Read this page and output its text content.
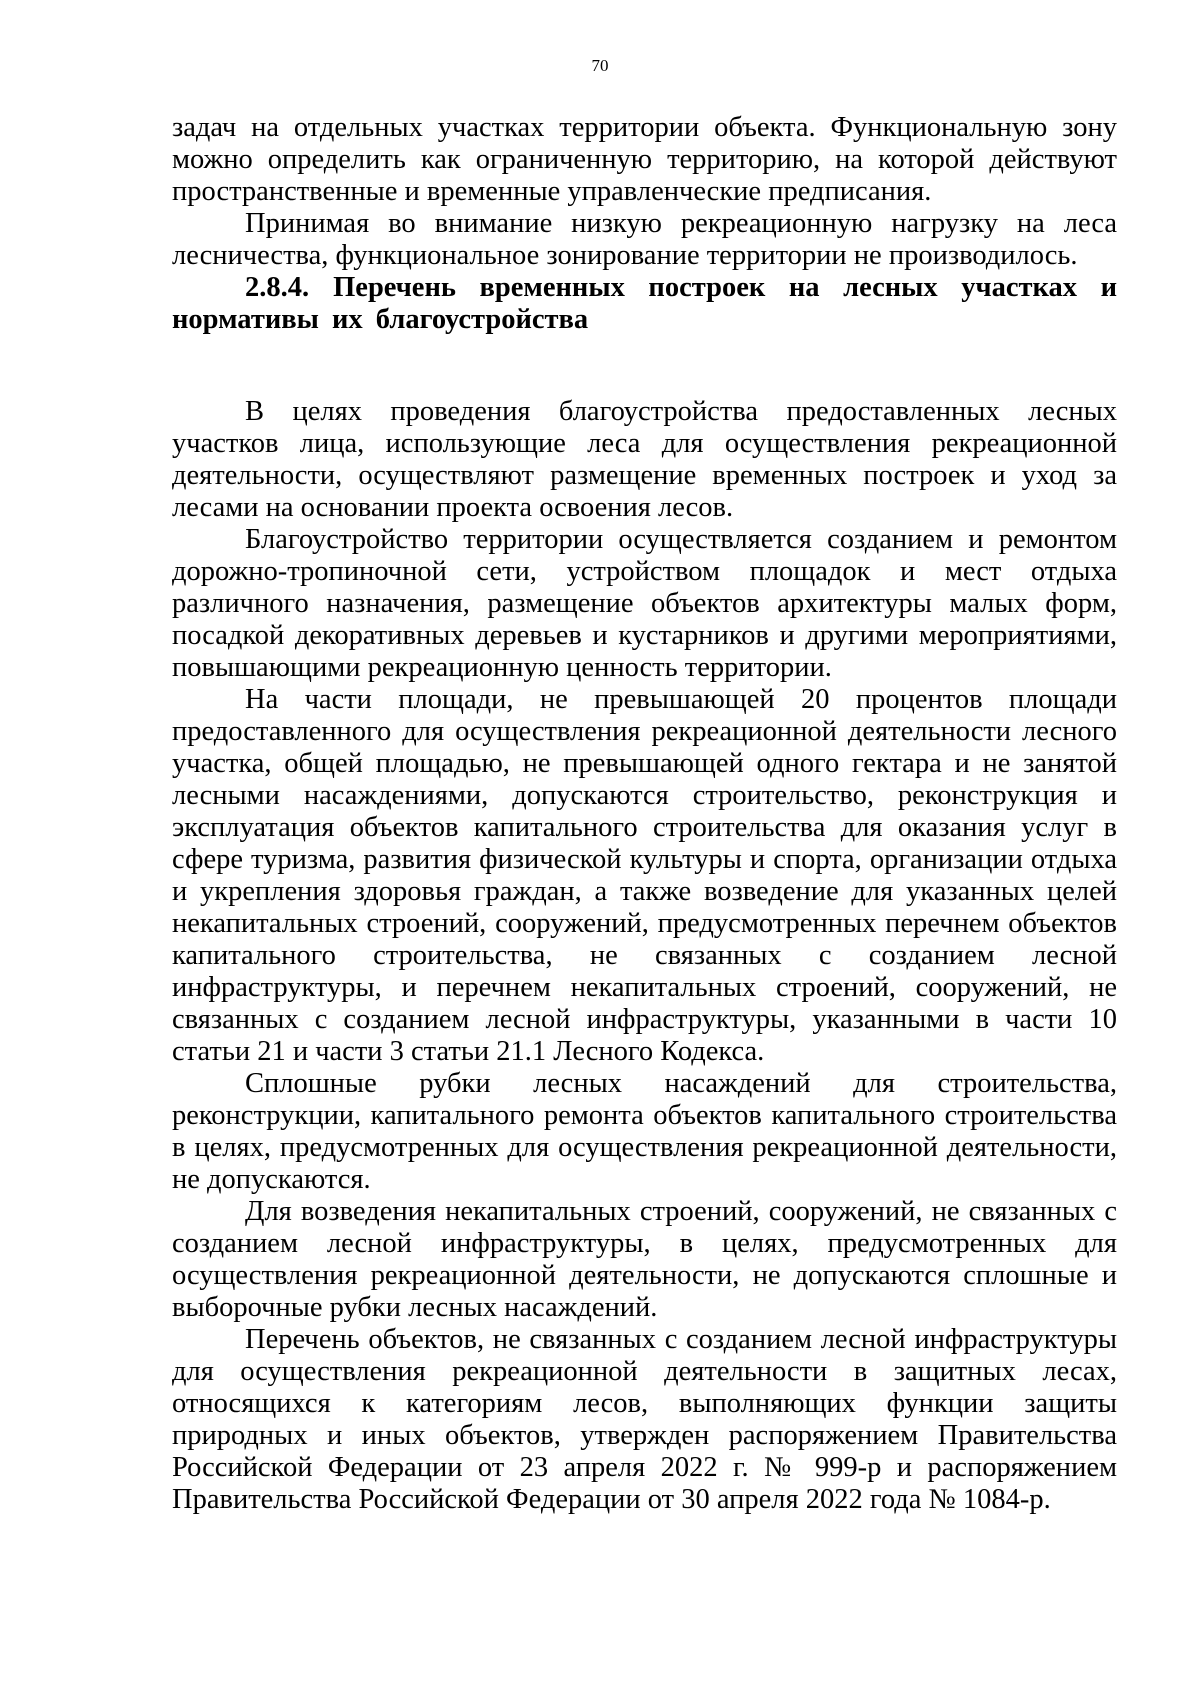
70

задач на отдельных участках территории объекта. Функциональную зону можно определить как ограниченную территорию, на которой действуют пространственные и временные управленческие предписания.

Принимая во внимание низкую рекреационную нагрузку на леса лесничества, функциональное зонирование территории не производилось.

2.8.4. Перечень временных построек на лесных участках и нормативы их благоустройства

В целях проведения благоустройства предоставленных лесных участков лица, использующие леса для осуществления рекреационной деятельности, осуществляют размещение временных построек и уход за лесами на основании проекта освоения лесов.

Благоустройство территории осуществляется созданием и ремонтом дорожно-тропиночной сети, устройством площадок и мест отдыха различного назначения, размещение объектов архитектуры малых форм, посадкой декоративных деревьев и кустарников и другими мероприятиями, повышающими рекреационную ценность территории.

На части площади, не превышающей 20 процентов площади предоставленного для осуществления рекреационной деятельности лесного участка, общей площадью, не превышающей одного гектара и не занятой лесными насаждениями, допускаются строительство, реконструкция и эксплуатация объектов капитального строительства для оказания услуг в сфере туризма, развития физической культуры и спорта, организации отдыха и укрепления здоровья граждан, а также возведение для указанных целей некапитальных строений, сооружений, предусмотренных перечнем объектов капитального строительства, не связанных с созданием лесной инфраструктуры, и перечнем некапитальных строений, сооружений, не связанных с созданием лесной инфраструктуры, указанными в части 10 статьи 21 и части 3 статьи 21.1 Лесного Кодекса.

Сплошные рубки лесных насаждений для строительства, реконструкции, капитального ремонта объектов капитального строительства в целях, предусмотренных для осуществления рекреационной деятельности, не допускаются.

Для возведения некапитальных строений, сооружений, не связанных с созданием лесной инфраструктуры, в целях, предусмотренных для осуществления рекреационной деятельности, не допускаются сплошные и выборочные рубки лесных насаждений.

Перечень объектов, не связанных с созданием лесной инфраструктуры для осуществления рекреационной деятельности в защитных лесах, относящихся к категориям лесов, выполняющих функции защиты природных и иных объектов, утвержден распоряжением Правительства Российской Федерации от 23 апреля 2022 г. № 999-р и распоряжением Правительства Российской Федерации от 30 апреля 2022 года № 1084-р.
